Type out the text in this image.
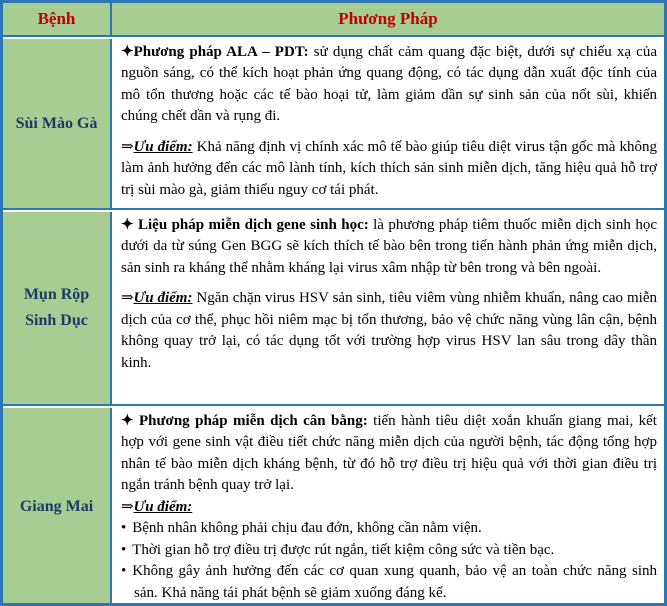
Bệnh	Phương Pháp
Sùi Mào Gà

✦Phương pháp ALA – PDT: sử dụng chất cảm quang đặc biệt, dưới sự chiếu xạ của nguồn sáng, có thể kích hoạt phản ứng quang động, có tác dụng dẫn xuất độc tính của mô tổn thương hoặc các tế bào hoại tử, làm giảm dần sự sinh sản của nốt sùi, khiến chúng chết dần và rụng đi.

⇒Ưu điểm: Khả năng định vị chính xác mô tế bào giúp tiêu diệt virus tận gốc mà không làm ảnh hưởng đến các mô lành tính, kích thích sản sinh miễn dịch, tăng hiệu quả hỗ trợ trị sùi mào gà, giảm thiểu nguy cơ tái phát.

Mụn Rộp Sinh Dục

✦ Liệu pháp miễn dịch gene sinh học: là phương pháp tiêm thuốc miễn dịch sinh học dưới da từ súng Gen BGG sẽ kích thích tế bào bên trong tiến hành phản ứng miễn dịch, sản sinh ra kháng thể nhằm kháng lại virus xâm nhập từ bên trong và bên ngoài.

⇒Ưu điểm: Ngăn chặn virus HSV sản sinh, tiêu viêm vùng nhiễm khuẩn, nâng cao miễn dịch của cơ thể, phục hồi niêm mạc bị tổn thương, bảo vệ chức năng vùng lân cận, bệnh không quay trở lại, có tác dụng tốt với trường hợp virus HSV lan sâu trong dây thần kinh.

Giang Mai

✦ Phương pháp miễn dịch cân bằng: tiến hành tiêu diệt xoắn khuẩn giang mai, kết hợp với gene sinh vật điều tiết chức năng miễn dịch của người bệnh, tác động tổng hợp nhân tế bào miễn dịch kháng bệnh, từ đó hỗ trợ điều trị hiệu quả với thời gian điều trị ngắn tránh bệnh quay trở lại.

⇒Ưu điểm:

• Bệnh nhân không phải chịu đau đớn, không cần nằm viện.

• Thời gian hỗ trợ điều trị được rút ngắn, tiết kiệm công sức và tiền bạc.

• Không gây ảnh hưởng đến các cơ quan xung quanh, bảo vệ an toàn chức năng sinh sản. Khả năng tái phát bệnh sẽ giảm xuống đáng kể.
